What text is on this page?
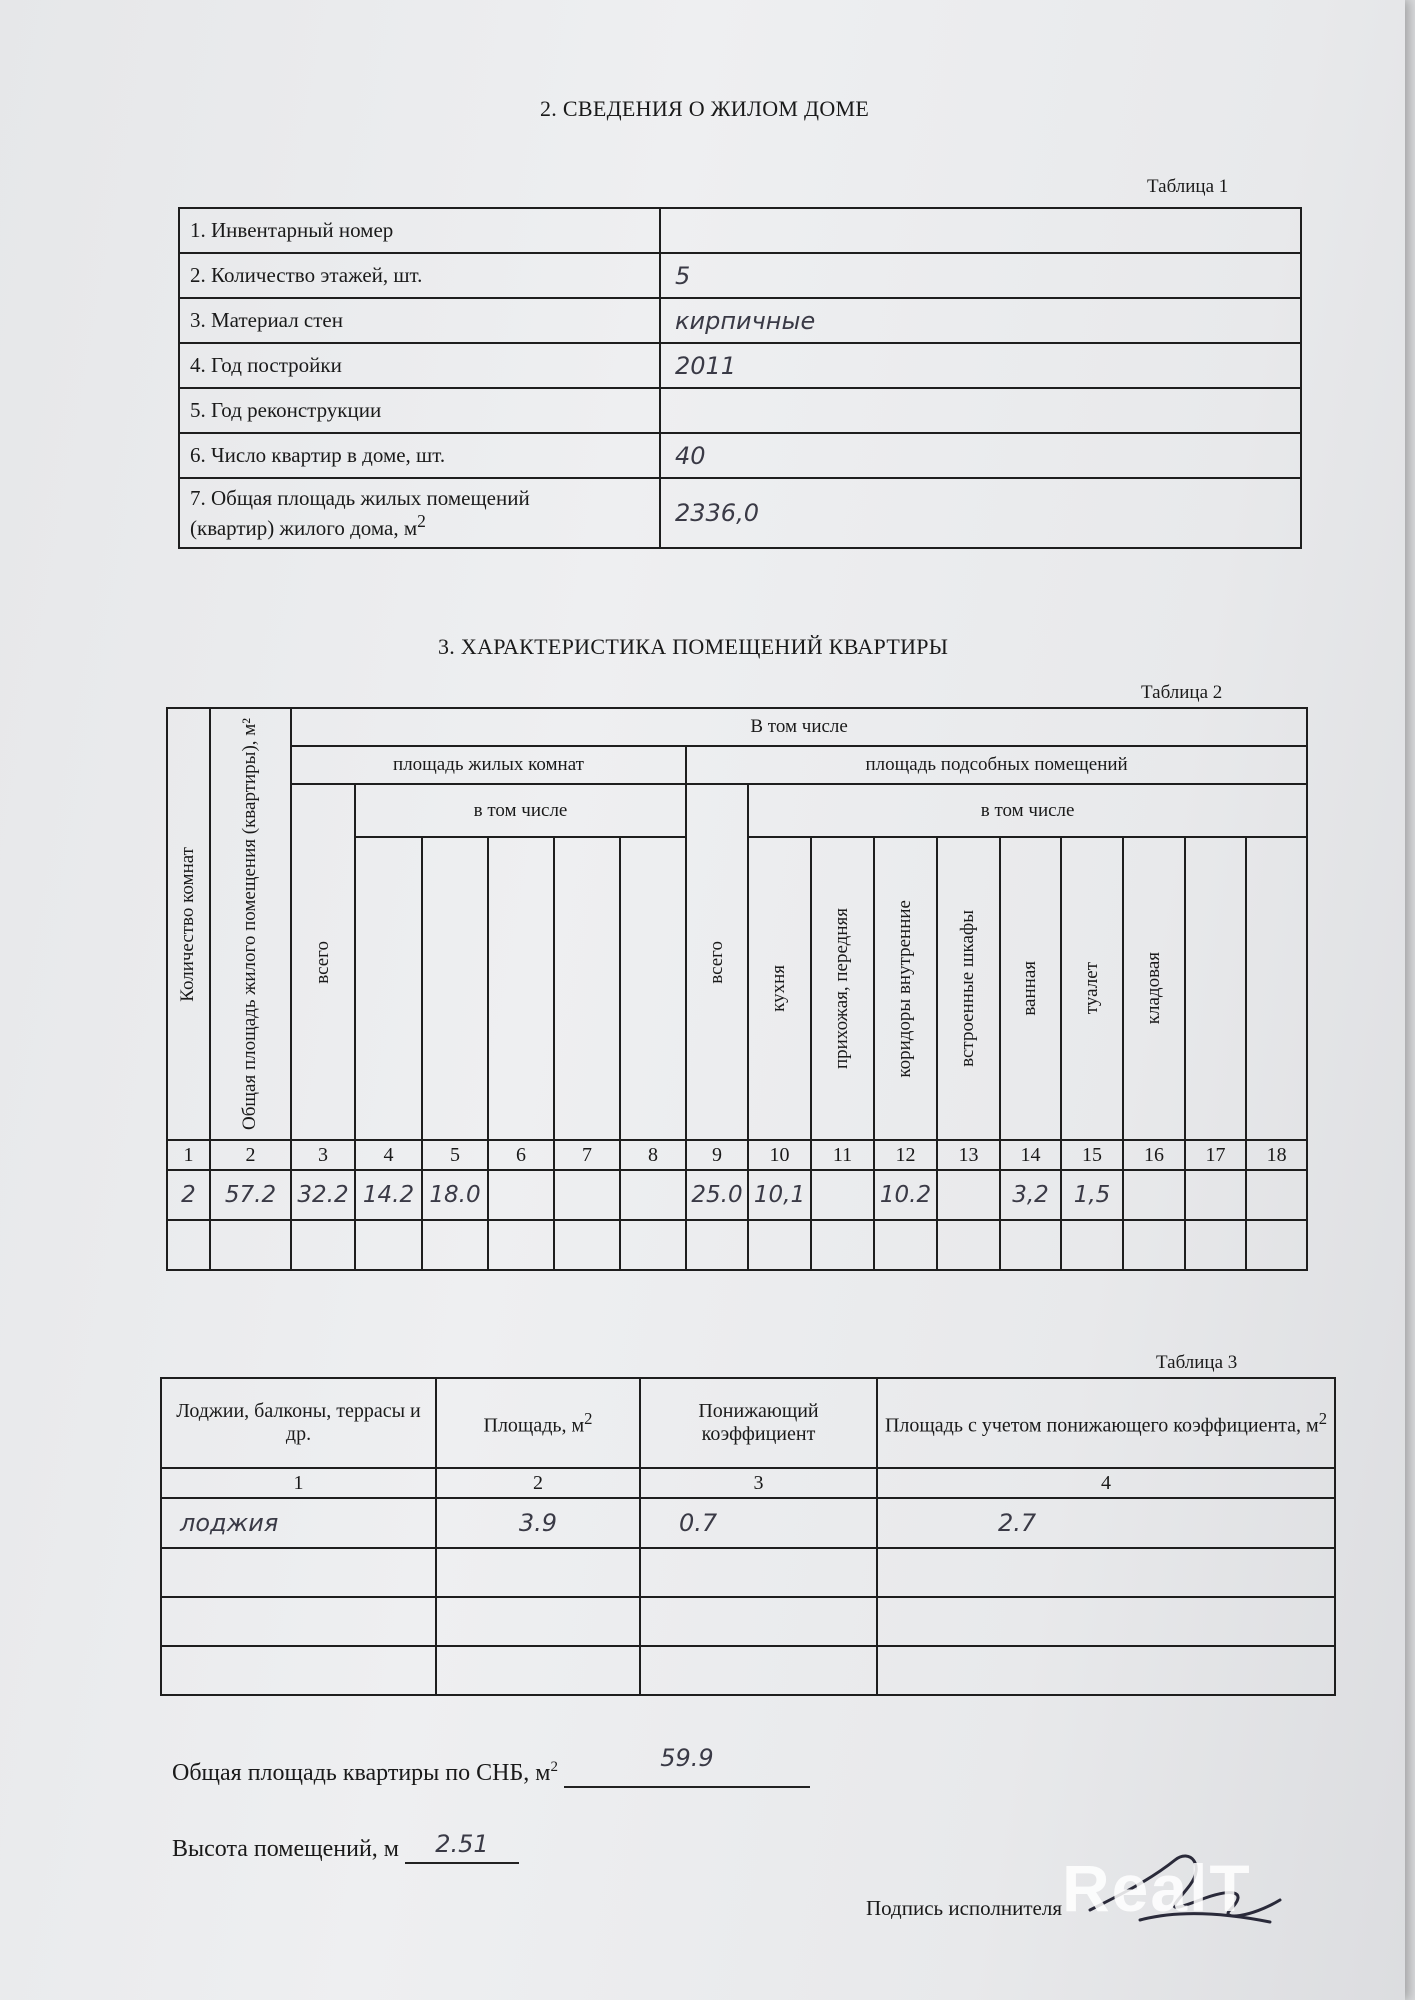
2. СВЕДЕНИЯ О ЖИЛОМ ДОМЕ
Таблица 1
1. Инвентарный номер	
2. Количество этажей, шт.	5
3. Материал стен	кирпичные
4. Год постройки	2011
5. Год реконструкции	
6. Число квартир в доме, шт.	40
7. Общая площадь жилых помещений
(квартир) жилого дома, $м^2$	2336,0
3. ХАРАКТЕРИСТИКА ПОМЕЩЕНИЙ КВАРТИРЫ
Таблица 2
Количество комнат	Общая площадь жилого помещения (квартиры), м²	В том числе															
		площадь жилых комнат						площадь подсобных помещений									

		всего	в том числе					всего	в том числе								

									кухня	прихожая, передняя	коридоры внутренние	встроенные шкафы	ванная	туалет	кладовая		

1	2	3	4	5	6	7	8	9	10	11	12	13	14	15	16	17	18
2	57.2	32.2	14.2	18.0				25.0	10,1		10.2		3,2	1,5			

Таблица 3
Лоджии, балконы, террасы и др.	Площадь, $м^2$	Понижающий коэффициент	Площадь с учетом понижающего коэффициента, $м^2$
1	2	3	4
лоджия	3.9	0.7	2.7

Общая площадь квартиры по СНБ, $м^2$	59.9
Высота помещений, м 2.51
Подпись исполнителя RealT
